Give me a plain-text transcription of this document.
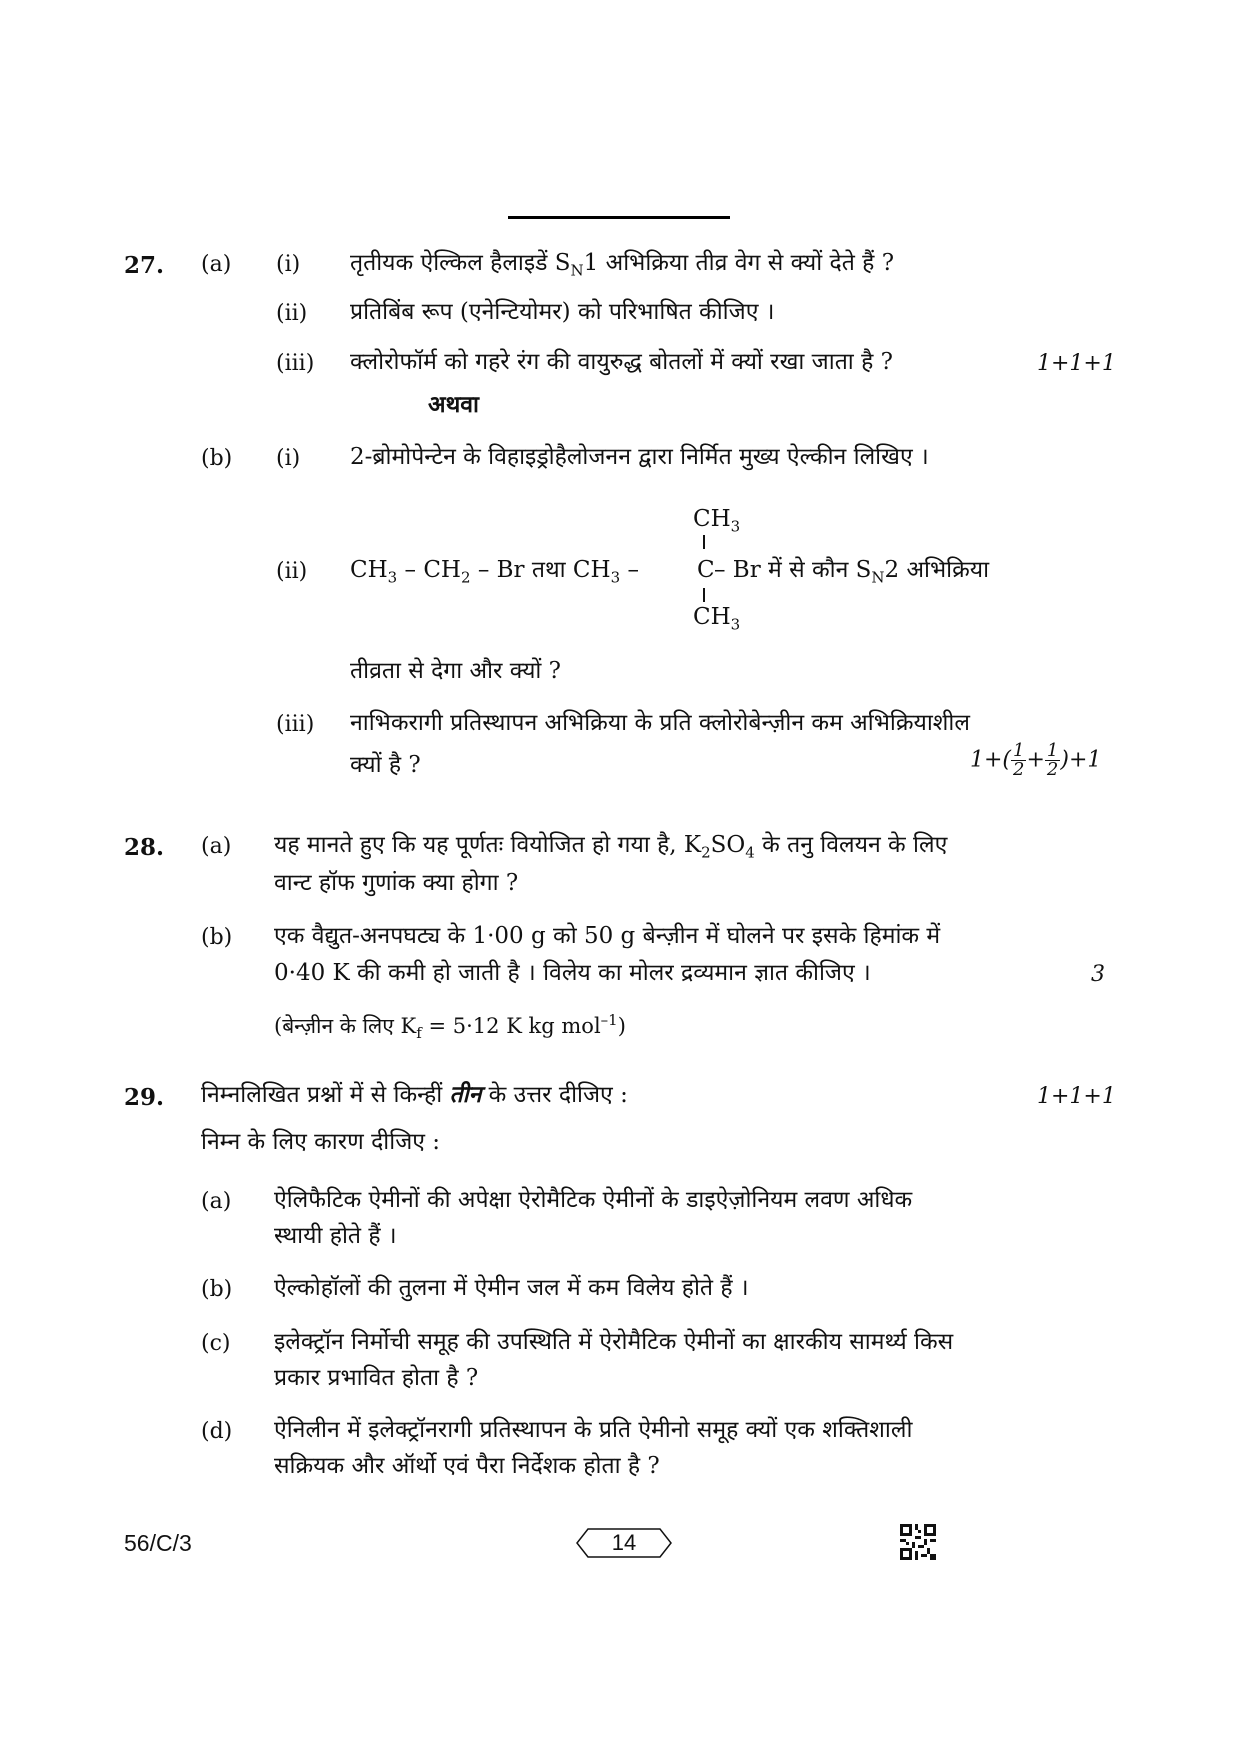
27. (a) (i) तृतीयक ऐल्किल हैलाइडें $S_N1$ अभिक्रिया तीव्र वेग से क्यों देते हैं ?
(ii) प्रतिबिंब रूप (एनेन्टियोमर) को परिभाषित कीजिए ।
(iii) क्लोरोफॉर्म को गहरे रंग की वायुरुद्ध बोतलों में क्यों रखा जाता है ?	1+1+1
अथवा
(b) (i) 2-ब्रोमोपेन्टेन के विहाइड्रोहैलोजनन द्वारा निर्मित मुख्य ऐल्कीन लिखिए ।
$CH_3$
(ii) $CH_3 - CH_2$ – Br तथा $CH_3$ –	C – Br में से कौन $S_N2$ अभिक्रिया
$CH_3$
तीव्रता से देगा और क्यों ?
(iii) नाभिकरागी प्रतिस्थापन अभिक्रिया के प्रति क्लोरोबेन्ज़ीन कम अभिक्रियाशील
क्यों है ?	$1+( \frac{1}{2} + \frac{1}{2} )+1$
28. (a) यह मानते हुए कि यह पूर्णतः वियोजित हो गया है, $K_2SO_4$ के तनु विलयन के लिए
वान्ट हॉफ गुणांक क्या होगा ?
(b) एक वैद्युत-अनपघट्य के 1·00 g को 50 g बेन्ज़ीन में घोलने पर इसके हिमांक में
0·40 K की कमी हो जाती है । विलेय का मोलर द्रव्यमान ज्ञात कीजिए ।	3
(बेन्ज़ीन के लिए $K_f = 5\cdot 12$ K kg mol$^{-1}$)
29. निम्नलिखित प्रश्नों में से किन्हीं तीन के उत्तर दीजिए :	1+1+1
निम्न के लिए कारण दीजिए :
(a) ऐलिफैटिक ऐमीनों की अपेक्षा ऐरोमैटिक ऐमीनों के डाइऐज़ोनियम लवण अधिक
स्थायी होते हैं ।
(b) ऐल्कोहॉलों की तुलना में ऐमीन जल में कम विलेय होते हैं ।
(c) इलेक्ट्रॉन निर्मोची समूह की उपस्थिति में ऐरोमैटिक ऐमीनों का क्षारकीय सामर्थ्य किस
प्रकार प्रभावित होता है ?
(d) ऐनिलीन में इलेक्ट्रॉनरागी प्रतिस्थापन के प्रति ऐमीनो समूह क्यों एक शक्तिशाली
सक्रियक और ऑर्थो एवं पैरा निर्देशक होता है ?
56/C/3	14
